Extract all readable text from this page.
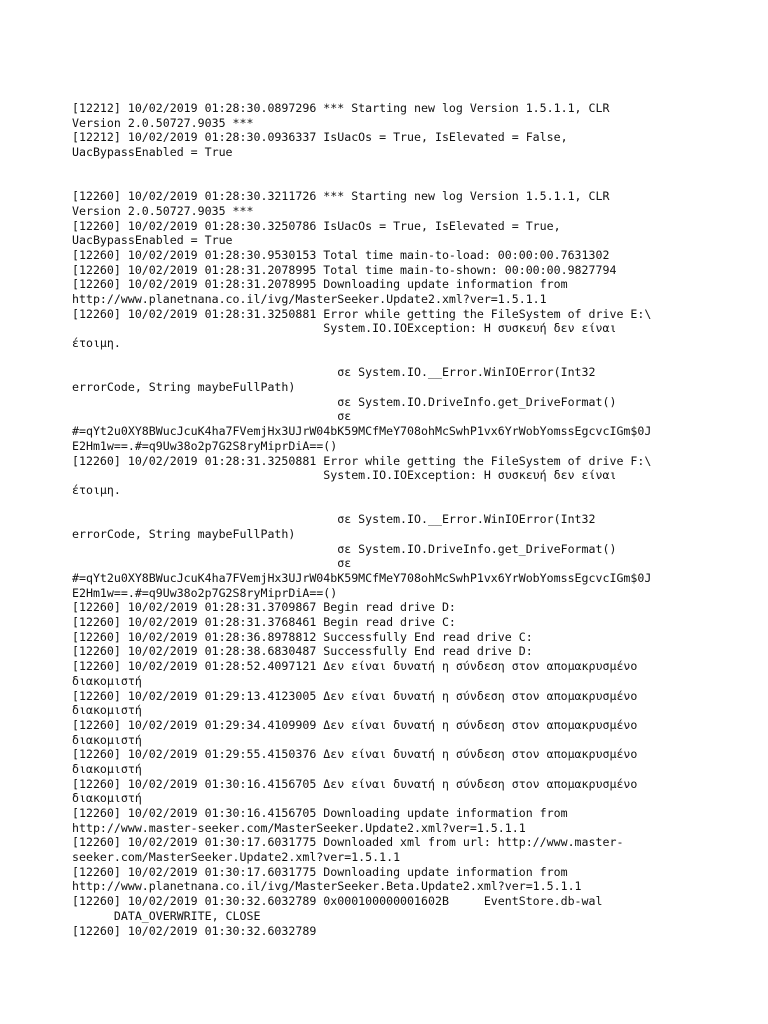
[12212] 10/02/2019 01:28:30.0897296 *** Starting new log Version 1.5.1.1, CLR
Version 2.0.50727.9035 ***
[12212] 10/02/2019 01:28:30.0936337 IsUacOs = True, IsElevated = False,
UacBypassEnabled = True
[12260] 10/02/2019 01:28:30.3211726 *** Starting new log Version 1.5.1.1, CLR
Version 2.0.50727.9035 ***
[12260] 10/02/2019 01:28:30.3250786 IsUacOs = True, IsElevated = True,
UacBypassEnabled = True
[12260] 10/02/2019 01:28:30.9530153 Total time main-to-load: 00:00:00.7631302
[12260] 10/02/2019 01:28:31.2078995 Total time main-to-shown: 00:00:00.9827794
[12260] 10/02/2019 01:28:31.2078995 Downloading update information from
http://www.planetnana.co.il/ivg/MasterSeeker.Update2.xml?ver=1.5.1.1
[12260] 10/02/2019 01:28:31.3250881 Error while getting the FileSystem of drive E:\
System.IO.IOException: Η συσκευή δεν είναι
έτοιμη.
σε System.IO.__Error.WinIOError(Int32
errorCode, String maybeFullPath)
σε System.IO.DriveInfo.get_DriveFormat()
σε
#=qYt2u0XY8BWucJcuK4ha7FVemjHx3UJrW04bK59MCfMeY708ohMcSwhP1vx6YrWobYomssEgcvcIGm$0J
E2Hm1w==.#=q9Uw38o2p7G2S8ryMiprDiA==()
[12260] 10/02/2019 01:28:31.3250881 Error while getting the FileSystem of drive F:\
System.IO.IOException: Η συσκευή δεν είναι
έτοιμη.
σε System.IO.__Error.WinIOError(Int32
errorCode, String maybeFullPath)
σε System.IO.DriveInfo.get_DriveFormat()
σε
#=qYt2u0XY8BWucJcuK4ha7FVemjHx3UJrW04bK59MCfMeY708ohMcSwhP1vx6YrWobYomssEgcvcIGm$0J
E2Hm1w==.#=q9Uw38o2p7G2S8ryMiprDiA==()
[12260] 10/02/2019 01:28:31.3709867 Begin read drive D:
[12260] 10/02/2019 01:28:31.3768461 Begin read drive C:
[12260] 10/02/2019 01:28:36.8978812 Successfully End read drive C:
[12260] 10/02/2019 01:28:38.6830487 Successfully End read drive D:
[12260] 10/02/2019 01:28:52.4097121 Δεν είναι δυνατή η σύνδεση στον απομακρυσμένο
διακομιστή
[12260] 10/02/2019 01:29:13.4123005 Δεν είναι δυνατή η σύνδεση στον απομακρυσμένο
διακομιστή
[12260] 10/02/2019 01:29:34.4109909 Δεν είναι δυνατή η σύνδεση στον απομακρυσμένο
διακομιστή
[12260] 10/02/2019 01:29:55.4150376 Δεν είναι δυνατή η σύνδεση στον απομακρυσμένο
διακομιστή
[12260] 10/02/2019 01:30:16.4156705 Δεν είναι δυνατή η σύνδεση στον απομακρυσμένο
διακομιστή
[12260] 10/02/2019 01:30:16.4156705 Downloading update information from
http://www.master-seeker.com/MasterSeeker.Update2.xml?ver=1.5.1.1
[12260] 10/02/2019 01:30:17.6031775 Downloaded xml from url: http://www.master-
seeker.com/MasterSeeker.Update2.xml?ver=1.5.1.1
[12260] 10/02/2019 01:30:17.6031775 Downloading update information from
http://www.planetnana.co.il/ivg/MasterSeeker.Beta.Update2.xml?ver=1.5.1.1
[12260] 10/02/2019 01:30:32.6032789 0x000100000001602B     EventStore.db-wal
DATA_OVERWRITE, CLOSE
[12260] 10/02/2019 01:30:32.6032789
